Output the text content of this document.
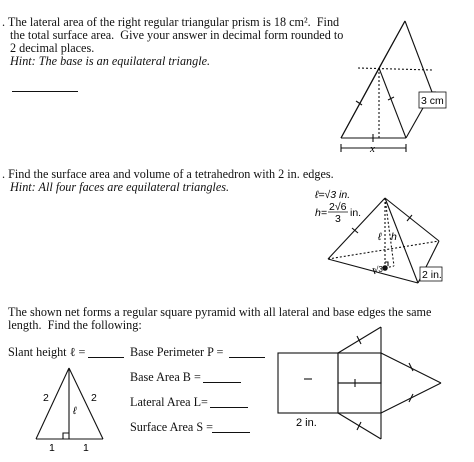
. The lateral area of the right regular triangular prism is 18 cm².  Find
the total surface area.  Give your answer in decimal form rounded to
2 decimal places.
Hint: The base is an equilateral triangle.
. Find the surface area and volume of a tetrahedron with 2 in. edges.
Hint: All four faces are equilateral triangles.
The shown net forms a regular square pyramid with all lateral and base edges the same
length.  Find the following:
Slant height ℓ =	Base Perimeter P =
Base Area B =
Lateral Area L=
Surface Area S =
3 cm
x
ℓ=√3 in.
h= 2√6
3 in.
h
ℓ
√3	2 in.
2	2
ℓ
1	1
2 in.
